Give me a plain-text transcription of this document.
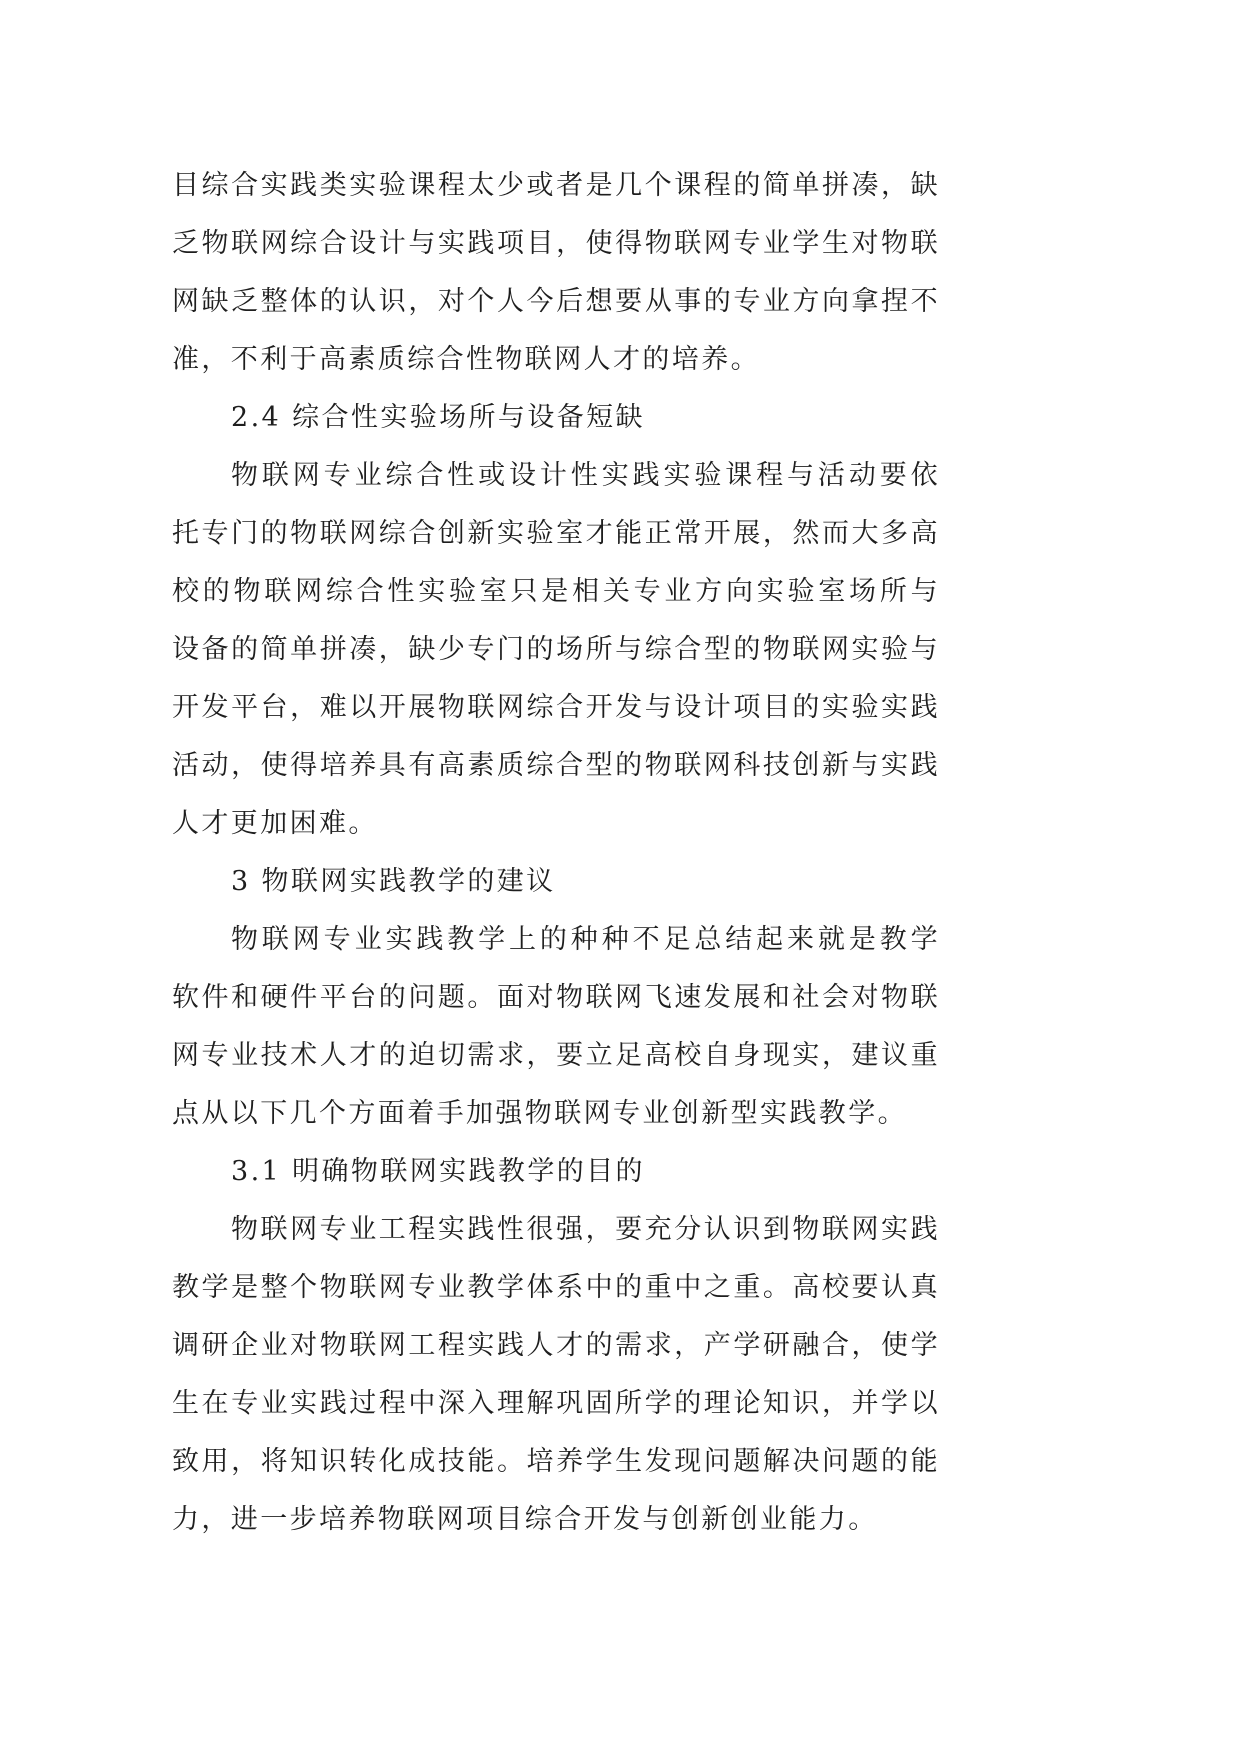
目综合实践类实验课程太少或者是几个课程的简单拼凑，缺
乏物联网综合设计与实践项目，使得物联网专业学生对物联
网缺乏整体的认识，对个人今后想要从事的专业方向拿捏不
准，不利于高素质综合性物联网人才的培养。
2.4 综合性实验场所与设备短缺
物联网专业综合性或设计性实践实验课程与活动要依
托专门的物联网综合创新实验室才能正常开展，然而大多高
校的物联网综合性实验室只是相关专业方向实验室场所与
设备的简单拼凑，缺少专门的场所与综合型的物联网实验与
开发平台，难以开展物联网综合开发与设计项目的实验实践
活动，使得培养具有高素质综合型的物联网科技创新与实践
人才更加困难。
3 物联网实践教学的建议
物联网专业实践教学上的种种不足总结起来就是教学
软件和硬件平台的问题。面对物联网飞速发展和社会对物联
网专业技术人才的迫切需求，要立足高校自身现实，建议重
点从以下几个方面着手加强物联网专业创新型实践教学。
3.1 明确物联网实践教学的目的
物联网专业工程实践性很强，要充分认识到物联网实践
教学是整个物联网专业教学体系中的重中之重。高校要认真
调研企业对物联网工程实践人才的需求，产学研融合，使学
生在专业实践过程中深入理解巩固所学的理论知识，并学以
致用，将知识转化成技能。培养学生发现问题解决问题的能
力，进一步培养物联网项目综合开发与创新创业能力。
